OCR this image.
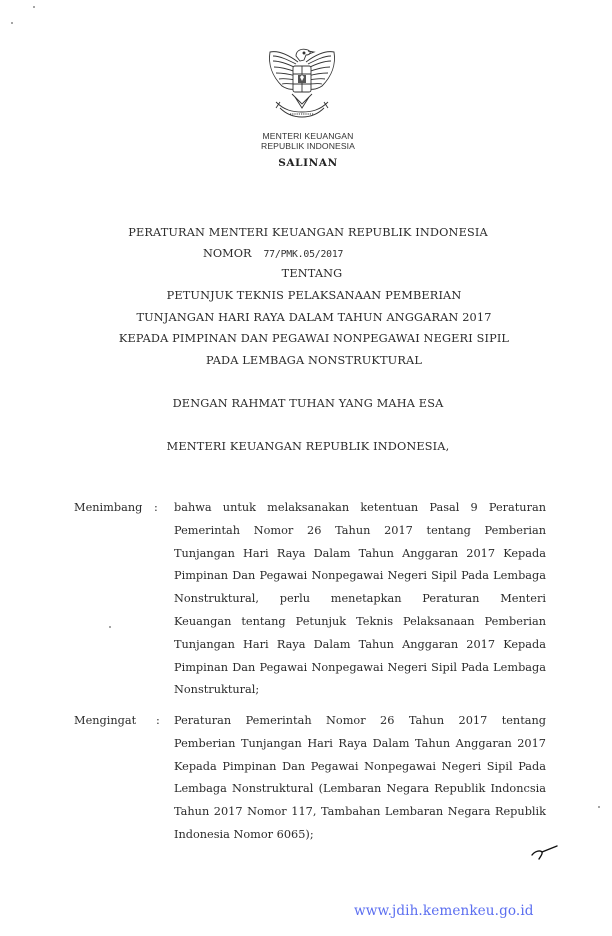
MENTERI KEUANGAN
REPUBLIK INDONESIA
SALINAN
PERATURAN MENTERI KEUANGAN REPUBLIK INDONESIA
NOMOR 77/PMK.05/2017
TENTANG
PETUNJUK TEKNIS PELAKSANAAN PEMBERIAN
TUNJANGAN HARI RAYA DALAM TAHUN ANGGARAN 2017
KEPADA PIMPINAN DAN PEGAWAI NONPEGAWAI NEGERI SIPIL
PADA LEMBAGA NONSTRUKTURAL
DENGAN RAHMAT TUHAN YANG MAHA ESA
MENTERI KEUANGAN REPUBLIK INDONESIA,
Menimbang : bahwa untuk melaksanakan ketentuan Pasal 9 Peraturan
Pemerintah Nomor 26 Tahun 2017 tentang Pemberian
Tunjangan Hari Raya Dalam Tahun Anggaran 2017 Kepada
Pimpinan Dan Pegawai Nonpegawai Negeri Sipil Pada Lembaga
Nonstruktural, perlu menetapkan Peraturan Menteri
Keuangan tentang Petunjuk Teknis Pelaksanaan Pemberian
Tunjangan Hari Raya Dalam Tahun Anggaran 2017 Kepada
Pimpinan Dan Pegawai Nonpegawai Negeri Sipil Pada Lembaga
Nonstruktural;
Mengingat : Peraturan Pemerintah Nomor 26 Tahun 2017 tentang
Pemberian Tunjangan Hari Raya Dalam Tahun Anggaran 2017
Kepada Pimpinan Dan Pegawai Nonpegawai Negeri Sipil Pada
Lembaga Nonstruktural (Lembaran Negara Republik Indoncsia
Tahun 2017 Nomor 117, Tambahan Lembaran Negara Republik
Indonesia Nomor 6065);
www.jdih.kemenkeu.go.id
